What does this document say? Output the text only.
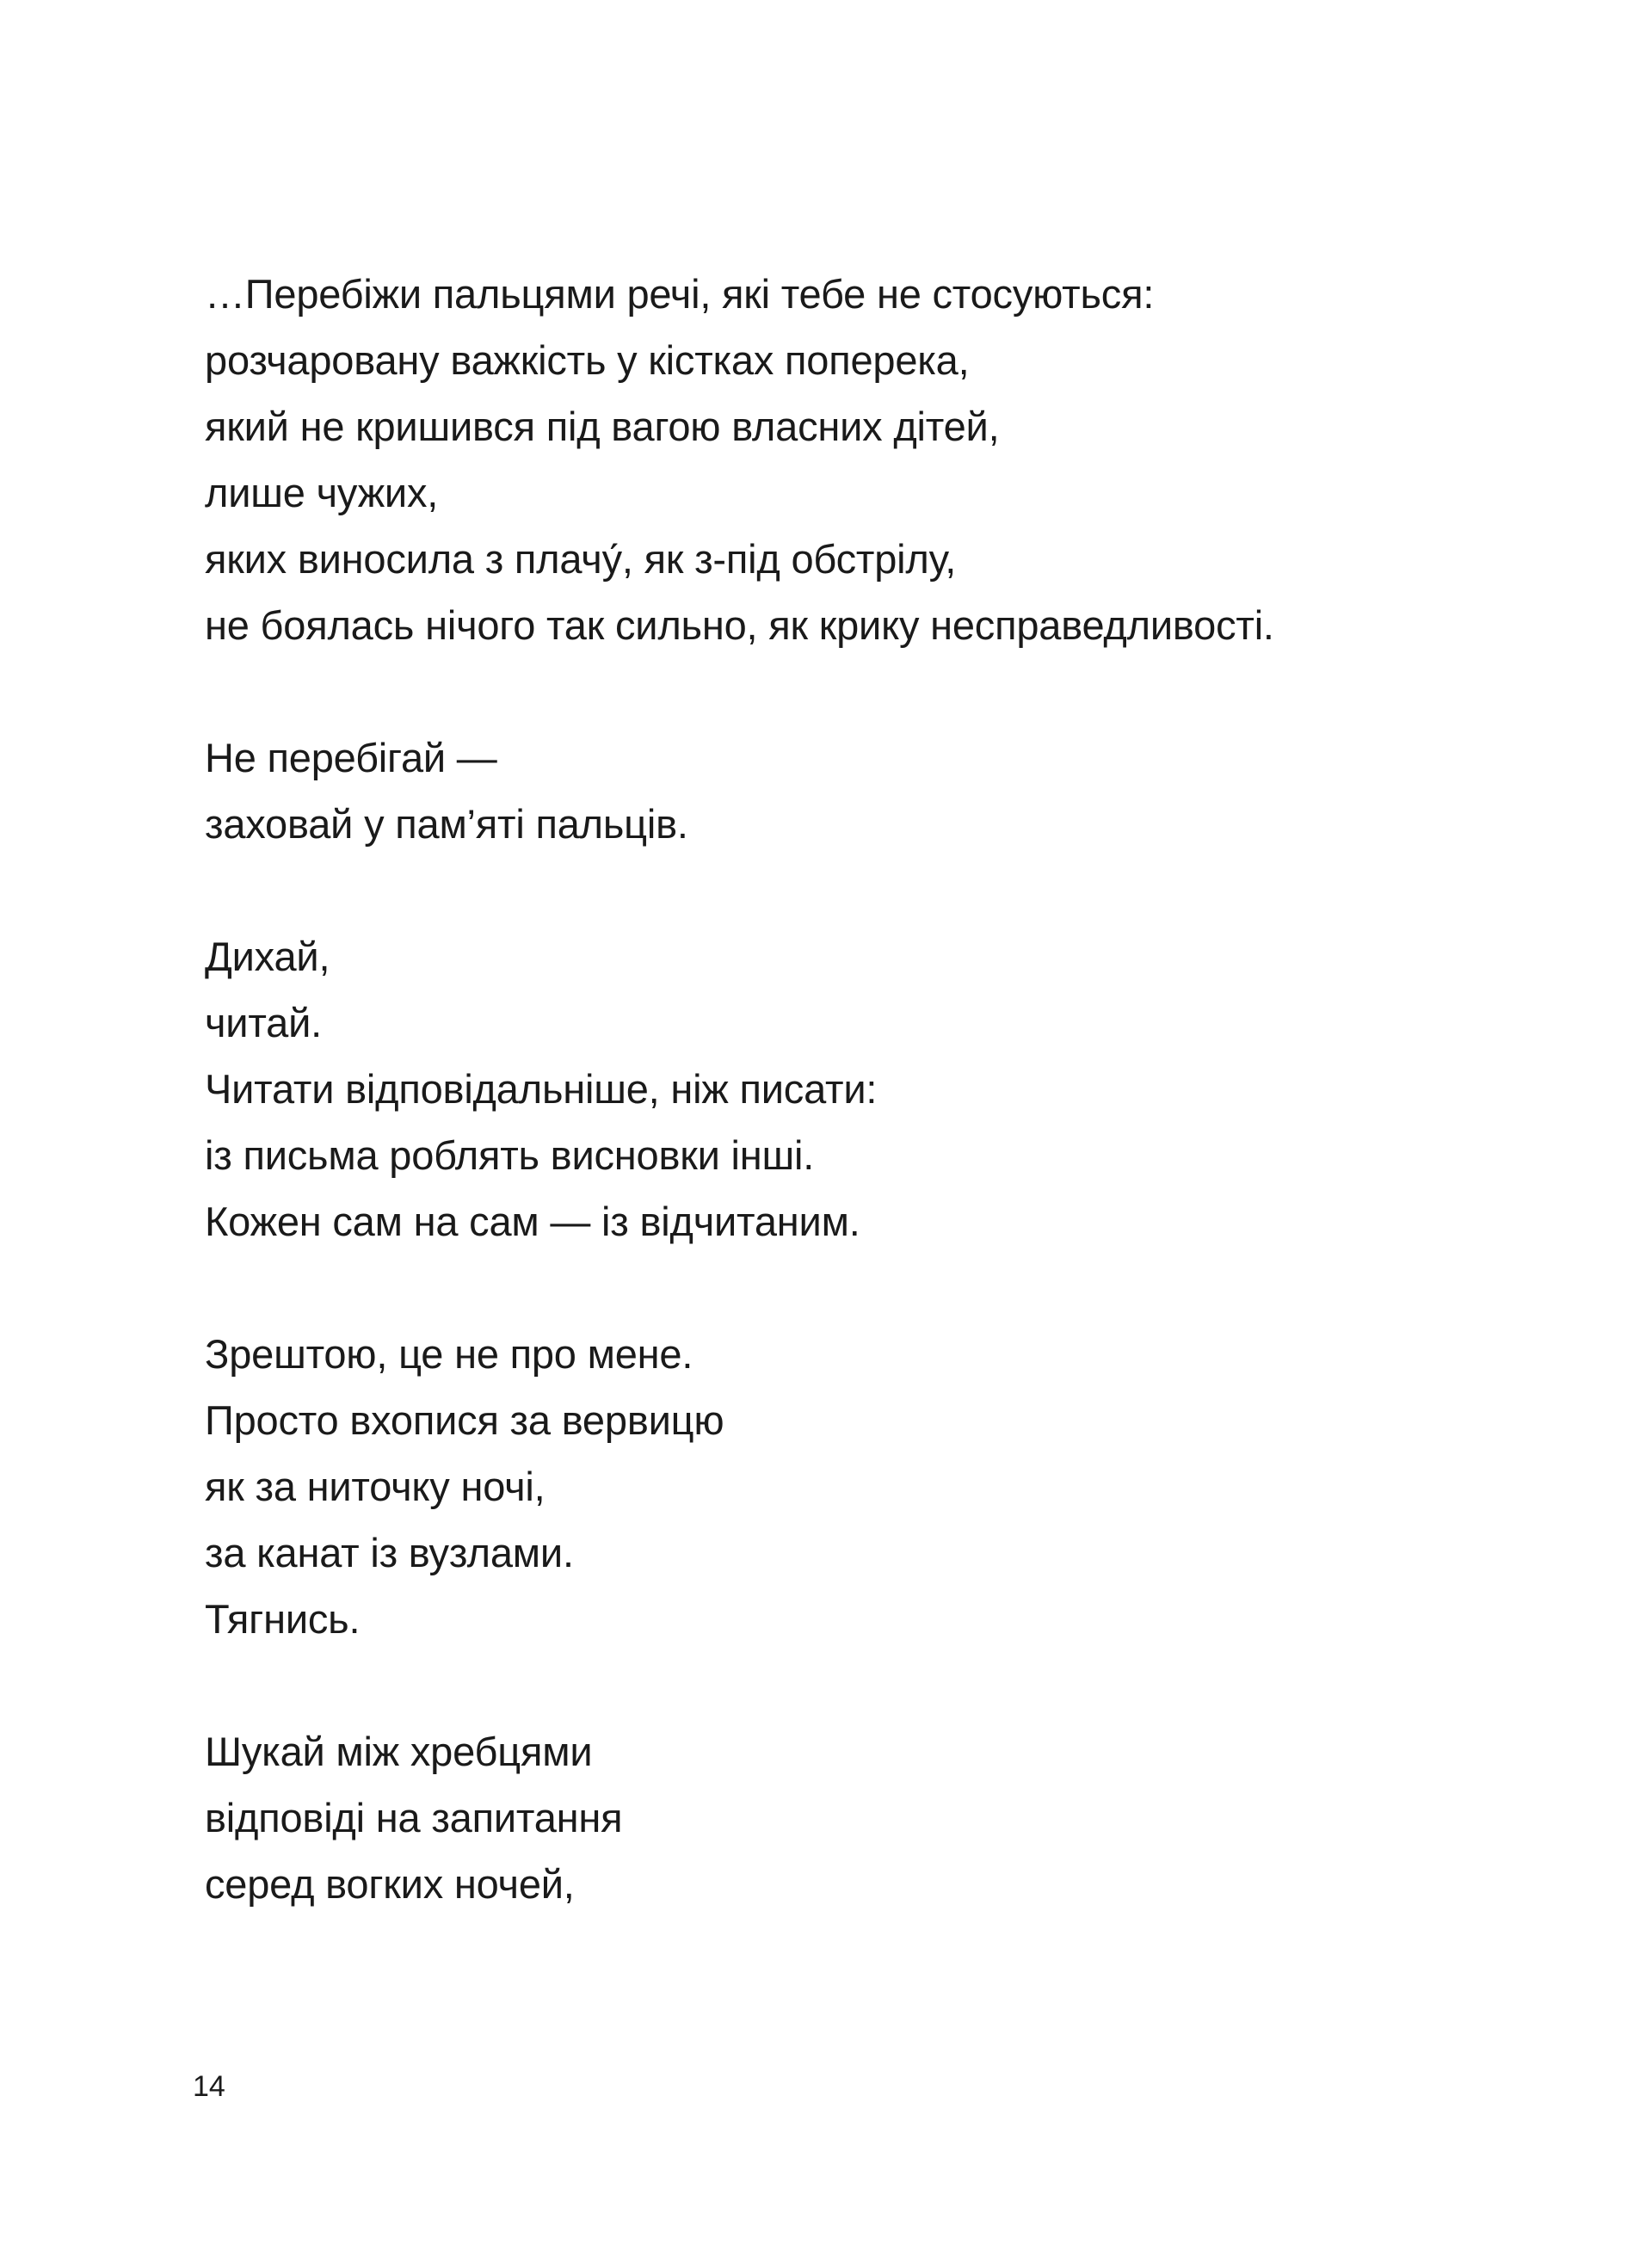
…Перебіжи пальцями речі, які тебе не стосуються:
розчаровану важкість у кістках поперека,
який не кришився під вагою власних дітей,
лише чужих,
яких виносила з плачу́, як з-під обстрілу,
не боялась нічого так сильно, як крику несправедливості.
Не перебігай —
заховай у пам’яті пальців.
Дихай,
читай.
Читати відповідальніше, ніж писати:
із письма роблять висновки інші.
Кожен сам на сам — із відчитаним.
Зрештою, це не про мене.
Просто вхопися за вервицю
як за ниточку ночі,
за канат із вузлами.
Тягнись.
Шукай між хребцями
відповіді на запитання
серед вогких ночей,
14
